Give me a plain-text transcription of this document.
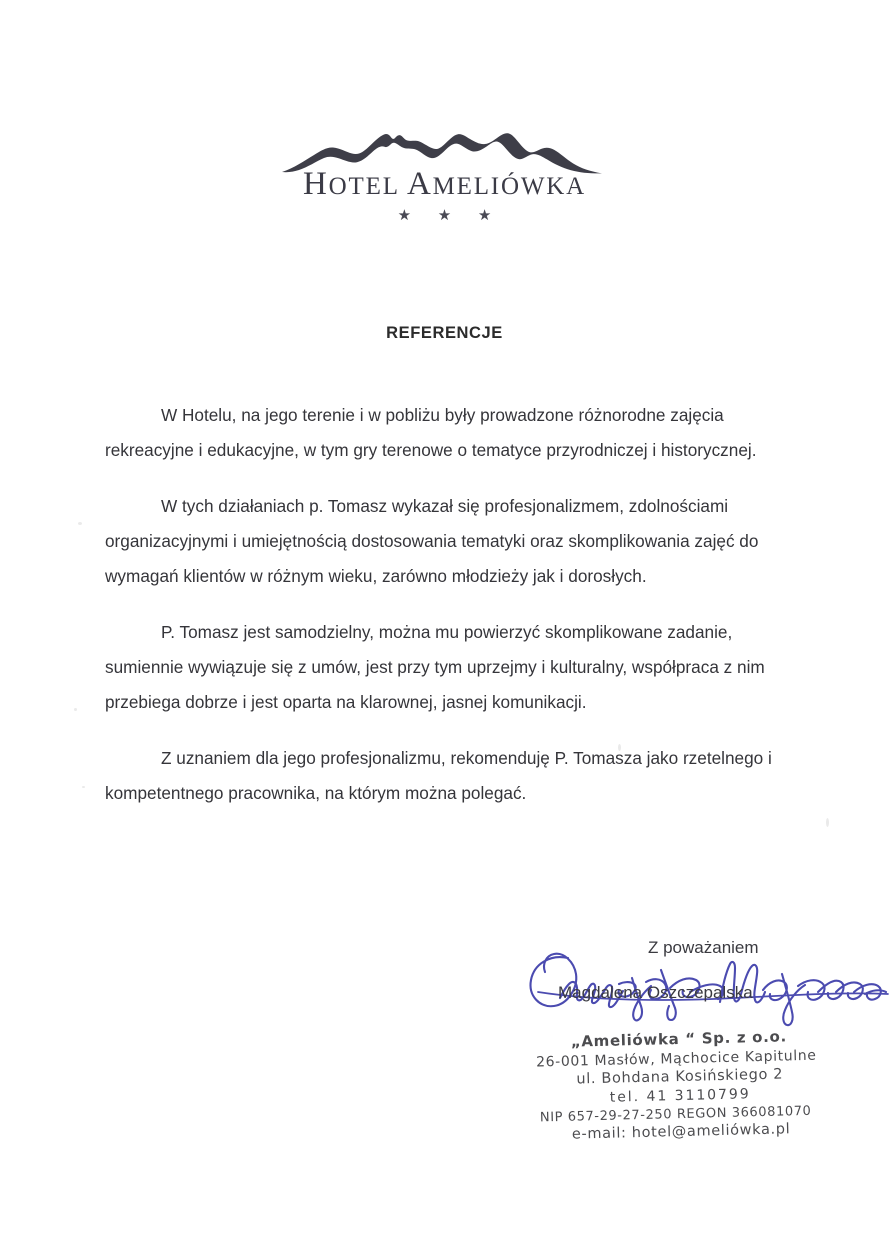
HOTEL AMELIÓWKA
★ ★ ★
REFERENCJE

W Hotelu, na jego terenie i w pobliżu były prowadzone różnorodne zajęcia rekreacyjne i edukacyjne, w tym gry terenowe o tematyce przyrodniczej i historycznej.

W tych działaniach p. Tomasz wykazał się profesjonalizmem, zdolnościami organizacyjnymi i umiejętnością dostosowania tematyki oraz skomplikowania zajęć do wymagań klientów w różnym wieku, zarówno młodzieży jak i dorosłych.

P. Tomasz jest samodzielny, można mu powierzyć skomplikowane zadanie, sumiennie wywiązuje się z umów, jest przy tym uprzejmy i kulturalny, współpraca z nim przebiega dobrze i jest oparta na klarownej, jasnej komunikacji.

Z uznaniem dla jego profesjonalizmu, rekomenduję P. Tomasza jako rzetelnego i kompetentnego pracownika, na którym można polegać.

Z poważaniem
Magdalena Oszczepalska
„Ameliówka “ Sp. z o.o.
26-001 Masłów, Mąchocice Kapitulne
ul. Bohdana Kosińskiego 2
tel. 41 3110799
NIP 657-29-27-250 REGON 366081070
e-mail: hotel@ameliówka.pl
